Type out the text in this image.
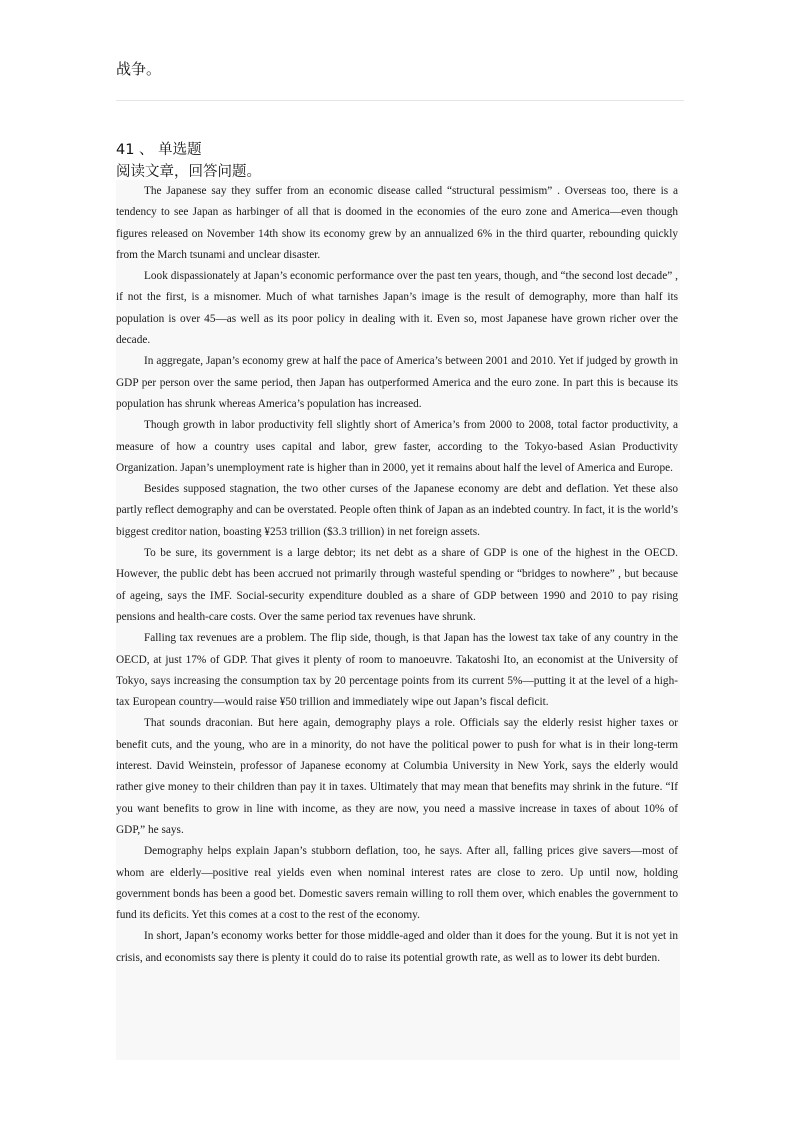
战争。
41 、 单选题
阅读文章，回答问题。

The Japanese say they suffer from an economic disease called “structural pessimism” . Overseas too, there is a tendency to see Japan as harbinger of all that is doomed in the economies of the euro zone and America—even though figures released on November 14th show its economy grew by an annualized 6% in the third quarter, rebounding quickly from the March tsunami and unclear disaster.

Look dispassionately at Japan’s economic performance over the past ten years, though, and “the second lost decade” , if not the first, is a misnomer. Much of what tarnishes Japan’s image is the result of demography, more than half its population is over 45—as well as its poor policy in dealing with it. Even so, most Japanese have grown richer over the decade.

In aggregate, Japan’s economy grew at half the pace of America’s between 2001 and 2010. Yet if judged by growth in GDP per person over the same period, then Japan has outperformed America and the euro zone. In part this is because its population has shrunk whereas America’s population has increased.

Though growth in labor productivity fell slightly short of America’s from 2000 to 2008, total factor productivity, a measure of how a country uses capital and labor, grew faster, according to the Tokyo-based Asian Productivity Organization. Japan’s unemployment rate is higher than in 2000, yet it remains about half the level of America and Europe.

Besides supposed stagnation, the two other curses of the Japanese economy are debt and deflation. Yet these also partly reflect demography and can be overstated. People often think of Japan as an indebted country. In fact, it is the world’s biggest creditor nation, boasting ¥253 trillion ($3.3 trillion) in net foreign assets.

To be sure, its government is a large debtor; its net debt as a share of GDP is one of the highest in the OECD. However, the public debt has been accrued not primarily through wasteful spending or “bridges to nowhere” , but because of ageing, says the IMF. Social-security expenditure doubled as a share of GDP between 1990 and 2010 to pay rising pensions and health-care costs. Over the same period tax revenues have shrunk.

Falling tax revenues are a problem. The flip side, though, is that Japan has the lowest tax take of any country in the OECD, at just 17% of GDP. That gives it plenty of room to manoeuvre. Takatoshi Ito, an economist at the University of Tokyo, says increasing the consumption tax by 20 percentage points from its current 5%—putting it at the level of a high-tax European country—would raise ¥50 trillion and immediately wipe out Japan’s fiscal deficit.

That sounds draconian. But here again, demography plays a role. Officials say the elderly resist higher taxes or benefit cuts, and the young, who are in a minority, do not have the political power to push for what is in their long-term interest. David Weinstein, professor of Japanese economy at Columbia University in New York, says the elderly would rather give money to their children than pay it in taxes. Ultimately that may mean that benefits may shrink in the future. “If you want benefits to grow in line with income, as they are now, you need a massive increase in taxes of about 10% of GDP,” he says.

Demography helps explain Japan’s stubborn deflation, too, he says. After all, falling prices give savers—most of whom are elderly—positive real yields even when nominal interest rates are close to zero. Up until now, holding government bonds has been a good bet. Domestic savers remain willing to roll them over, which enables the government to fund its deficits. Yet this comes at a cost to the rest of the economy.

In short, Japan’s economy works better for those middle-aged and older than it does for the young. But it is not yet in crisis, and economists say there is plenty it could do to raise its potential growth rate, as well as to lower its debt burden.
